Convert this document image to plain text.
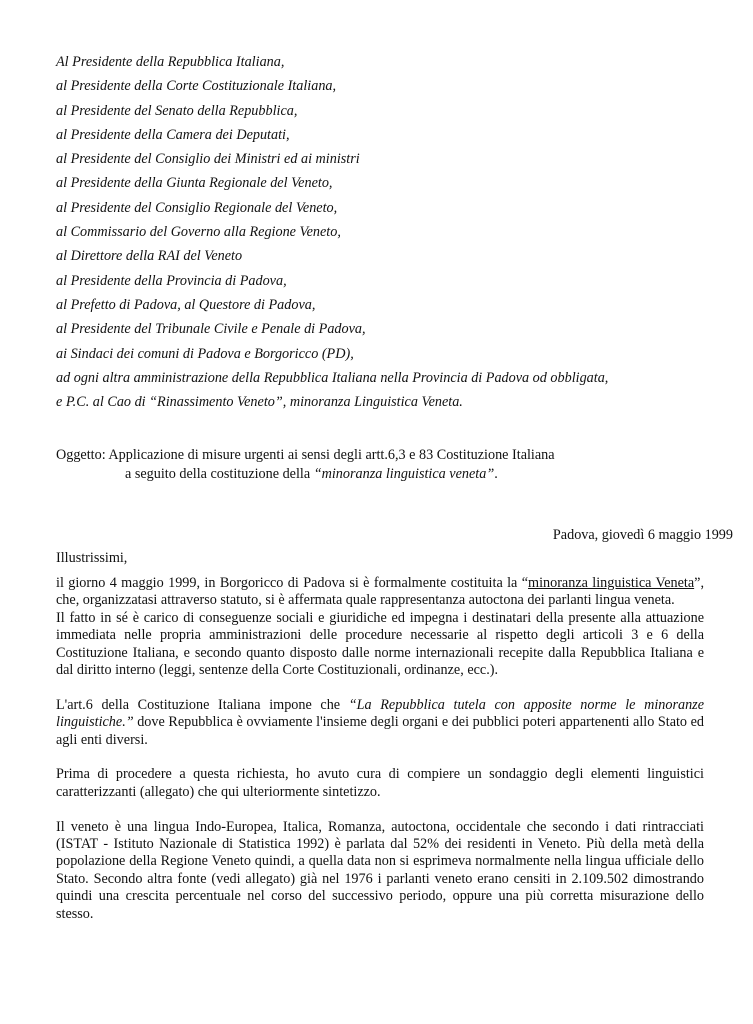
Al Presidente della Repubblica Italiana,
al Presidente della Corte Costituzionale Italiana,
al Presidente del Senato della Repubblica,
al Presidente della Camera dei Deputati,
al Presidente del Consiglio dei Ministri ed ai ministri
al Presidente della Giunta Regionale del Veneto,
al Presidente del Consiglio Regionale del Veneto,
al Commissario del Governo alla Regione Veneto,
al Direttore della RAI del Veneto
al Presidente della Provincia di Padova,
al Prefetto di Padova, al Questore di Padova,
al Presidente del Tribunale Civile e Penale di Padova,
ai Sindaci dei comuni di Padova e Borgoricco (PD),
ad ogni altra amministrazione della Repubblica Italiana nella Provincia di Padova od obbligata,
e P.C. al Cao di “Rinassimento Veneto”, minoranza Linguistica Veneta.
Oggetto: Applicazione di misure urgenti ai sensi degli artt.6,3 e 83 Costituzione Italiana
a seguito della costituzione della “minoranza linguistica veneta”.
Padova, giovedì 6 maggio 1999
Illustrissimi,

il giorno 4 maggio 1999, in Borgoricco di Padova si è formalmente costituita la “minoranza linguistica Veneta”, che, organizzatasi attraverso statuto, si è affermata quale rappresentanza autoctona dei parlanti lingua veneta.

Il fatto in sé è carico di conseguenze sociali e giuridiche ed impegna i destinatari della presente alla attuazione immediata nelle propria amministrazioni delle procedure necessarie al rispetto degli articoli 3 e 6 della Costituzione Italiana, e secondo quanto disposto dalle norme internazionali recepite dalla Repubblica Italiana e dal diritto interno (leggi, sentenze della Corte Costituzionali, ordinanze, ecc.).

L'art.6 della Costituzione Italiana impone che “La Repubblica tutela con apposite norme le minoranze linguistiche.” dove Repubblica è ovviamente l'insieme degli organi e dei pubblici poteri appartenenti allo Stato ed agli enti diversi.

Prima di procedere a questa richiesta, ho avuto cura di compiere un sondaggio degli elementi linguistici caratterizzanti (allegato) che qui ulteriormente sintetizzo.

Il veneto è una lingua Indo-Europea, Italica, Romanza, autoctona, occidentale che secondo i dati rintracciati (ISTAT - Istituto Nazionale di Statistica 1992) è parlata dal 52% dei residenti in Veneto. Più della metà della popolazione della Regione Veneto quindi, a quella data non si esprimeva normalmente nella lingua ufficiale dello Stato. Secondo altra fonte (vedi allegato) già nel 1976 i parlanti veneto erano censiti in 2.109.502 dimostrando quindi una crescita percentuale nel corso del successivo periodo, oppure una più corretta misurazione dello stesso.
